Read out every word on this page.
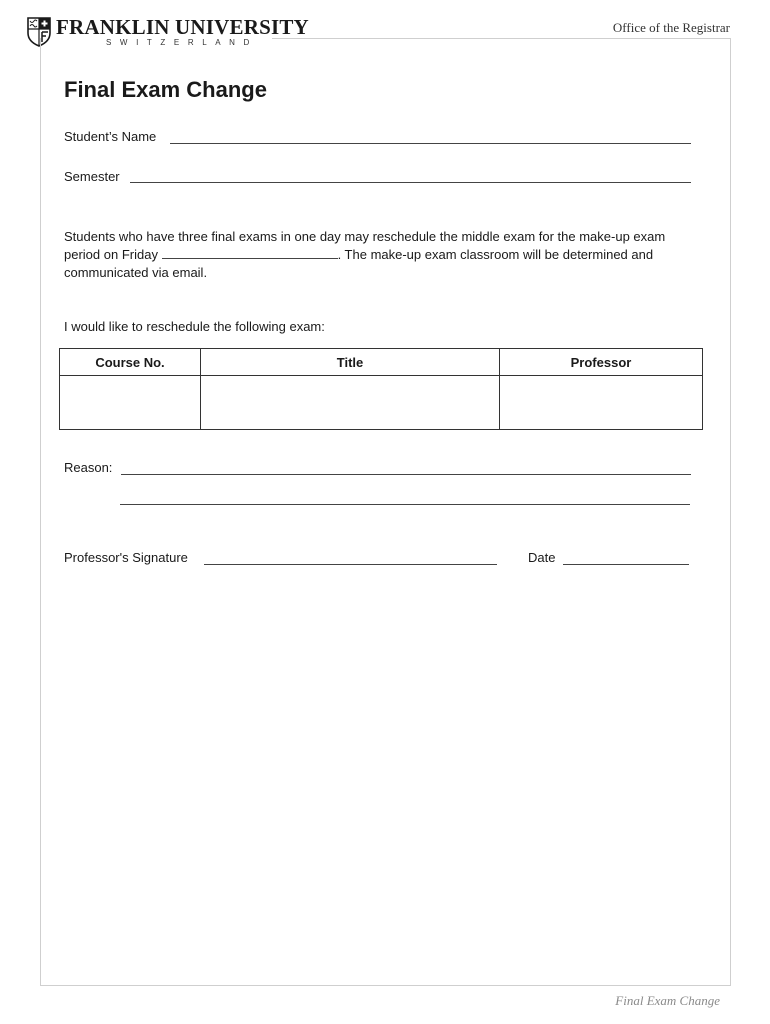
FRANKLIN UNIVERSITY
SWITZERLAND
Office of the Registrar
Final Exam Change
Student’s Name
Semester
Students who have three final exams in one day may reschedule the middle exam for the make-up exam period on Friday	. The make-up exam classroom will be determined and communicated via email.
I would like to reschedule the following exam:
Course No.	Title	Professor

Reason:
Professor's Signature	Date
Final Exam Change
